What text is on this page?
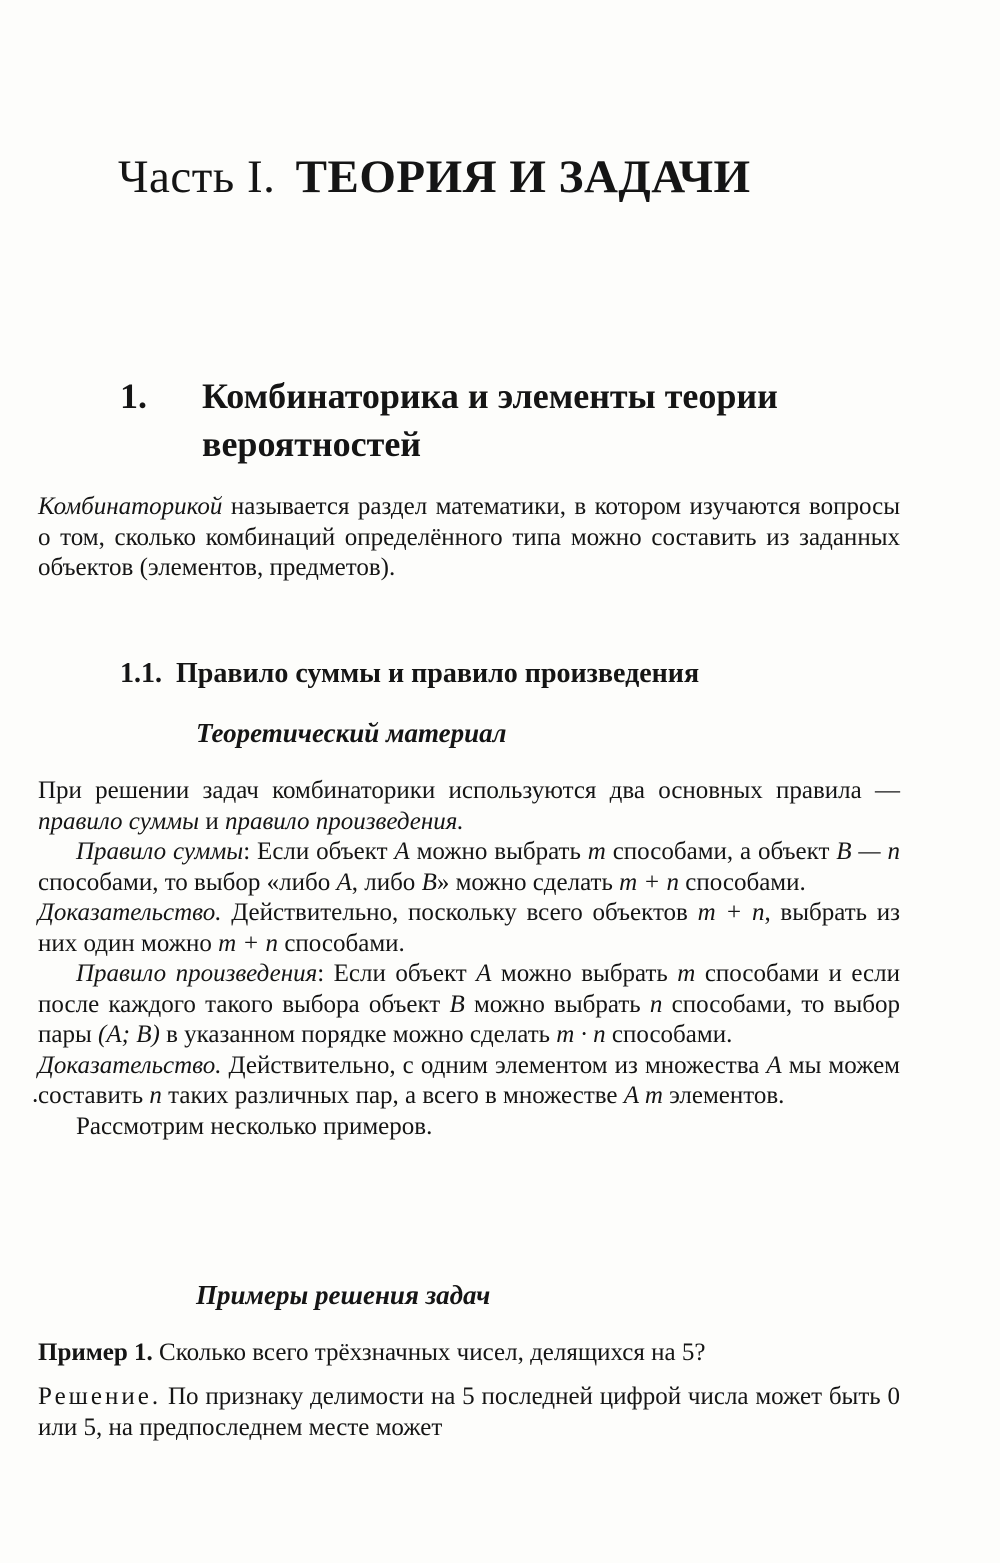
Часть I. ТЕОРИЯ И ЗАДАЧИ
1. Комбинаторика и элементы теории вероятностей

Комбинаторикой называется раздел математики, в котором изучаются вопросы о том, сколько комбинаций определённого типа можно составить из заданных объектов (элементов, предметов).

1.1. Правило суммы и правило произведения
Теоретический материал
При решении задач комбинаторики используются два основных правила — правило суммы и правило произведения.
Правило суммы: Если объект A можно выбрать m способами, а объект B — n способами, то выбор «либо A, либо B» можно сделать m + n способами.
Доказательство. Действительно, поскольку всего объектов m + n, выбрать из них один можно m + n способами.
Правило произведения: Если объект A можно выбрать m способами и если после каждого такого выбора объект B можно выбрать n способами, то выбор пары (A; B) в указанном порядке можно сделать m · n способами.
Доказательство. Действительно, с одним элементом из множества A мы можем составить n таких различных пар, а всего в множестве A m элементов.
Рассмотрим несколько примеров.
·
Примеры решения задач

Пример 1. Сколько всего трёхзначных чисел, делящихся на 5?

Решение. По признаку делимости на 5 последней цифрой числа может быть 0 или 5, на предпоследнем месте может
